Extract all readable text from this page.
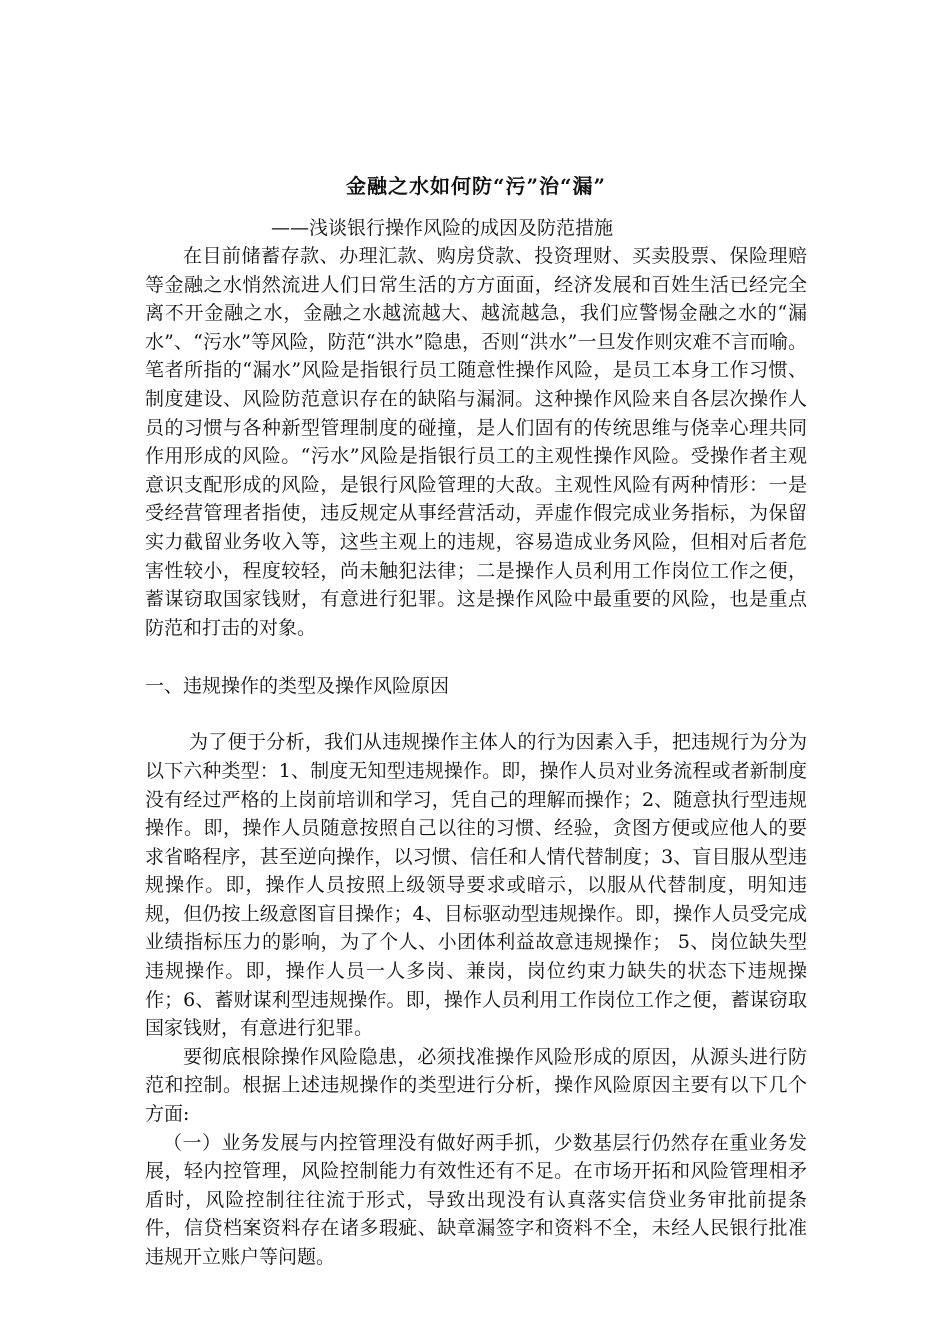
金融之水如何防“污”治“漏”
——浅谈银行操作风险的成因及防范措施

在目前储蓄存款、办理汇款、购房贷款、投资理财、买卖股票、保险理赔等金融之水悄然流进人们日常生活的方方面面，经济发展和百姓生活已经完全离不开金融之水，金融之水越流越大、越流越急，我们应警惕金融之水的“漏水”、“污水”等风险，防范“洪水”隐患，否则“洪水”一旦发作则灾难不言而喻。笔者所指的“漏水”风险是指银行员工随意性操作风险，是员工本身工作习惯、制度建设、风险防范意识存在的缺陷与漏洞。这种操作风险来自各层次操作人员的习惯与各种新型管理制度的碰撞，是人们固有的传统思维与侥幸心理共同作用形成的风险。“污水”风险是指银行员工的主观性操作风险。受操作者主观意识支配形成的风险，是银行风险管理的大敌。主观性风险有两种情形：一是受经营管理者指使，违反规定从事经营活动，弄虚作假完成业务指标，为保留实力截留业务收入等，这些主观上的违规，容易造成业务风险，但相对后者危害性较小，程度较轻，尚未触犯法律；二是操作人员利用工作岗位工作之便，蓄谋窃取国家钱财，有意进行犯罪。这是操作风险中最重要的风险，也是重点防范和打击的对象。

一、违规操作的类型及操作风险原因

为了便于分析，我们从违规操作主体人的行为因素入手，把违规行为分为以下六种类型：1、制度无知型违规操作。即，操作人员对业务流程或者新制度没有经过严格的上岗前培训和学习，凭自己的理解而操作；2、随意执行型违规操作。即，操作人员随意按照自己以往的习惯、经验，贪图方便或应他人的要求省略程序，甚至逆向操作，以习惯、信任和人情代替制度；3、盲目服从型违规操作。即，操作人员按照上级领导要求或暗示，以服从代替制度，明知违规，但仍按上级意图盲目操作；4、目标驱动型违规操作。即，操作人员受完成业绩指标压力的影响，为了个人、小团体利益故意违规操作； 5、岗位缺失型违规操作。即，操作人员一人多岗、兼岗，岗位约束力缺失的状态下违规操作；6、蓄财谋利型违规操作。即，操作人员利用工作岗位工作之便，蓄谋窃取国家钱财，有意进行犯罪。

要彻底根除操作风险隐患，必须找准操作风险形成的原因，从源头进行防范和控制。根据上述违规操作的类型进行分析，操作风险原因主要有以下几个方面:

（一）业务发展与内控管理没有做好两手抓，少数基层行仍然存在重业务发展，轻内控管理，风险控制能力有效性还有不足。在市场开拓和风险管理相矛盾时，风险控制往往流于形式，导致出现没有认真落实信贷业务审批前提条件，信贷档案资料存在诸多瑕疵、缺章漏签字和资料不全，未经人民银行批准违规开立账户等问题。
